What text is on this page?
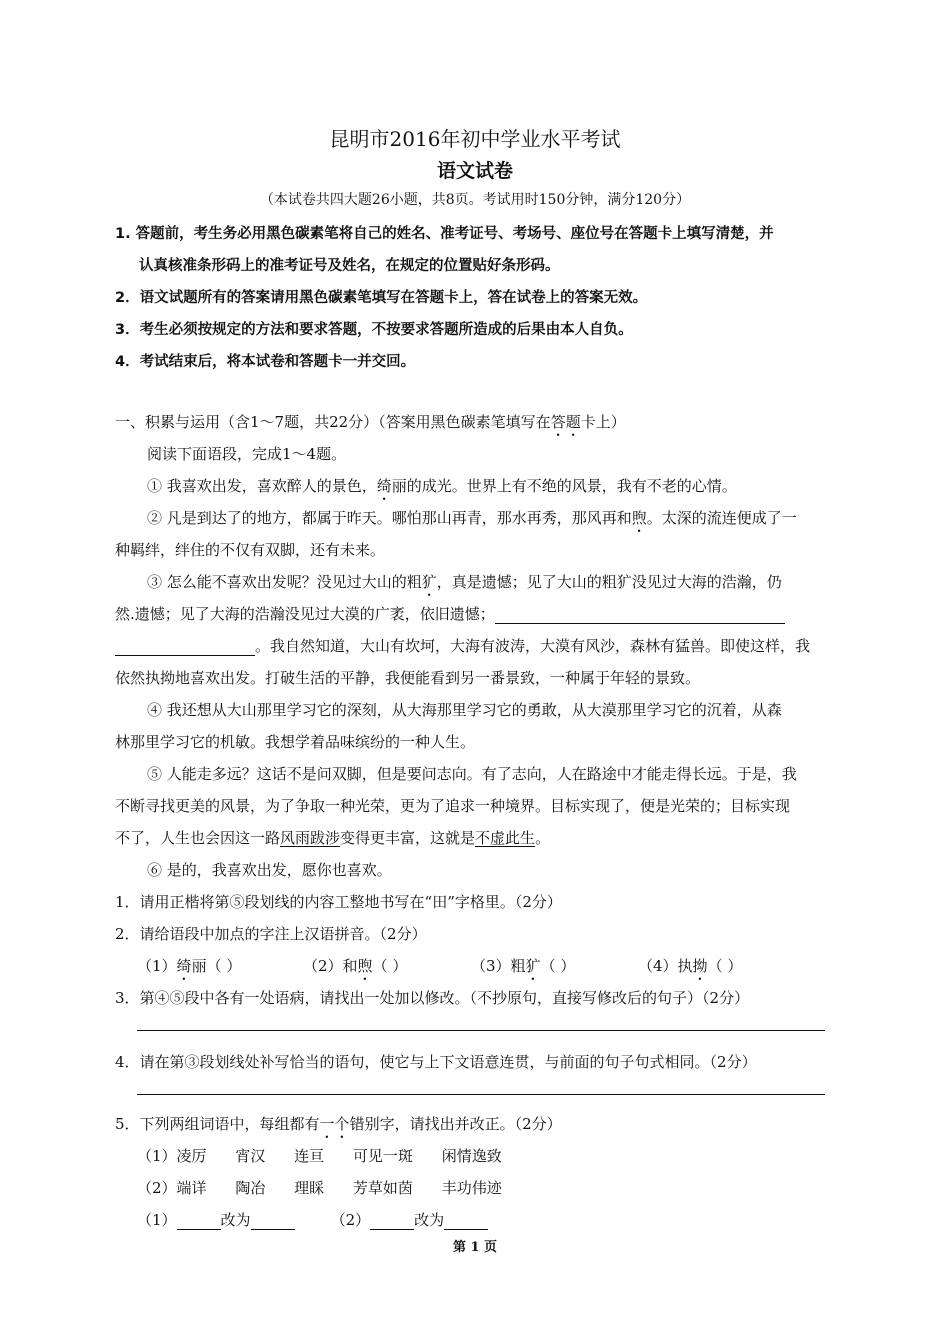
昆明市2016年初中学业水平考试
语文试卷
（本试卷共四大题26小题，共8页。考试用时150分钟，满分120分）
1. 答题前，考生务必用黑色碳素笔将自己的姓名、准考证号、考场号、座位号在答题卡上填写清楚，并
认真核准条形码上的准考证号及姓名，在规定的位置贴好条形码。
2．语文试题所有的答案请用黑色碳素笔填写在答题卡上，答在试卷上的答案无效。
3．考生必须按规定的方法和要求答题，不按要求答题所造成的后果由本人自负。
4．考试结束后，将本试卷和答题卡一并交回。
一、积累与运用（含1～7题，共22分）（答案用黑色碳素笔填写在答题卡上）
阅读下面语段，完成1～4题。
① 我喜欢出发，喜欢醉人的景色，绮丽的成光。世界上有不绝的风景，我有不老的心情。
② 凡是到达了的地方，都属于昨天。哪怕那山再青，那水再秀，那风再和煦。太深的流连便成了一
种羁绊，绊住的不仅有双脚，还有未来。
③ 怎么能不喜欢出发呢？没见过大山的粗犷，真是遗憾；见了大山的粗犷没见过大海的浩瀚，仍
然.遗憾；见了大海的浩瀚没见过大漠的广袤，依旧遗憾；
。我自然知道，大山有坎坷，大海有波涛，大漠有风沙，森林有猛兽。即使这样，我
依然执拗地喜欢出发。打破生活的平静，我便能看到另一番景致，一种属于年轻的景致。
④ 我还想从大山那里学习它的深刻，从大海那里学习它的勇敢，从大漠那里学习它的沉着，从森
林那里学习它的机敏。我想学着品味缤纷的一种人生。
⑤ 人能走多远？这话不是问双脚，但是要问志向。有了志向，人在路途中才能走得长远。于是，我
不断寻找更美的风景，为了争取一种光荣，更为了追求一种境界。目标实现了，便是光荣的；目标实现
不了，人生也会因这一路风雨跋涉变得更丰富，这就是不虚此生。
⑥ 是的，我喜欢出发，愿你也喜欢。
1．请用正楷将第⑤段划线的内容工整地书写在“田”字格里。（2分）
2．请给语段中加点的字注上汉语拼音。（2分）
（1）绮丽（ ）	（2）和煦（ ）	（3）粗犷（ ）	（4）执拗（ ）
3．第④⑤段中各有一处语病，请找出一处加以修改。（不抄原句，直接写修改后的句子）（2分）
4．请在第③段划线处补写恰当的语句，使它与上下文语意连贯，与前面的句子句式相同。（2分）
5．下列两组词语中，每组都有一个错别字，请找出并改正。（2分）
（1）凌厉 宵汉 连亘 可见一斑 闲情逸致
（2）端详 陶冶 理睬 芳草如茵 丰功伟迹
（1）	改为	（2）	改为
第 1 页
